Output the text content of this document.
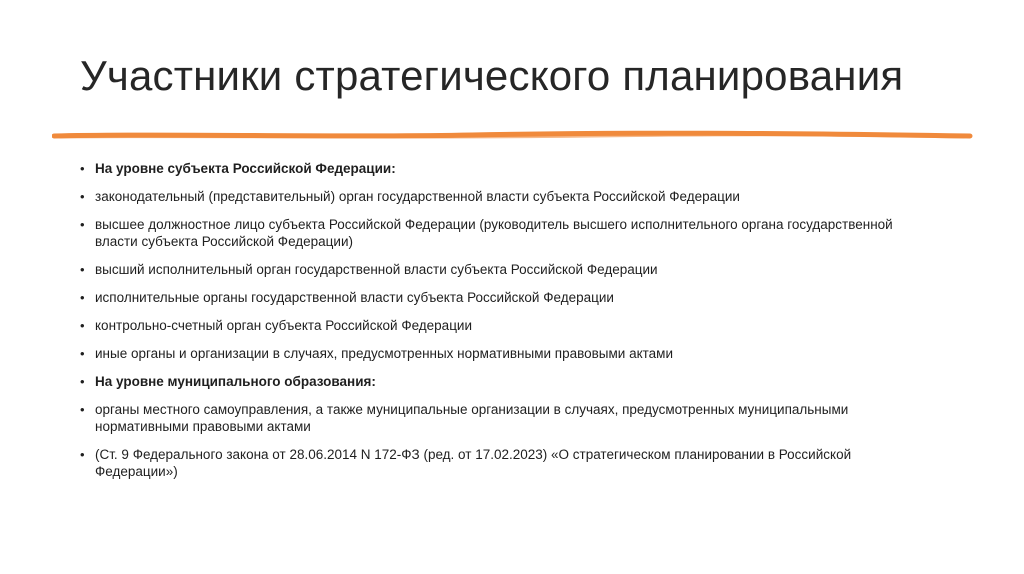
Участники стратегического планирования
• На уровне субъекта Российской Федерации:
• законодательный (представительный) орган государственной власти субъекта Российской Федерации
• высшее должностное лицо субъекта Российской Федерации (руководитель высшего исполнительного органа государственной власти субъекта Российской Федерации)
• высший исполнительный орган государственной власти субъекта Российской Федерации
• исполнительные органы государственной власти субъекта Российской Федерации
• контрольно-счетный орган субъекта Российской Федерации
• иные органы и организации в случаях, предусмотренных нормативными правовыми актами
• На уровне муниципального образования:
• органы местного самоуправления, а также муниципальные организации в случаях, предусмотренных муниципальными нормативными правовыми актами
• (Ст. 9 Федерального закона от 28.06.2014 N 172-ФЗ (ред. от 17.02.2023) «О стратегическом планировании в Российской Федерации»)
